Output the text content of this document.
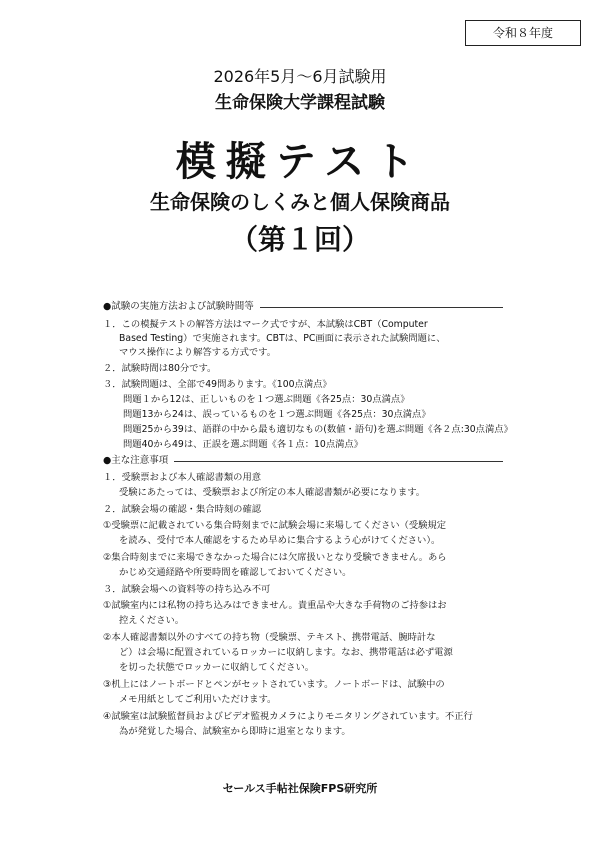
令和８年度
2026年5月～6月試験用
生命保険大学課程試験
模擬テスト
生命保険のしくみと個人保険商品
（第１回）
●試験の実施方法および試験時間等
１．この模擬テストの解答方法はマーク式ですが、本試験はCBT（Computer
Based Testing）で実施されます。CBTは、PC画面に表示された試験問題に、
マウス操作により解答する方式です。
２．試験時間は80分です。
３．試験問題は、全部で49問あります。《100点満点》
問題１から12は、正しいものを１つ選ぶ問題《各25点：30点満点》
問題13から24は、誤っているものを１つ選ぶ問題《各25点：30点満点》
問題25から39は、語群の中から最も適切なもの(数値・語句)を選ぶ問題《各２点:30点満点》
問題40から49は、正誤を選ぶ問題《各１点：10点満点》
●主な注意事項
１．受験票および本人確認書類の用意
受験にあたっては、受験票および所定の本人確認書類が必要になります。
２．試験会場の確認・集合時刻の確認
①受験票に記載されている集合時刻までに試験会場に来場してください（受験規定
を読み、受付で本人確認をするため早めに集合するよう心がけてください）。
②集合時刻までに来場できなかった場合には欠席扱いとなり受験できません。あら
かじめ交通経路や所要時間を確認しておいてください。
３．試験会場への資料等の持ち込み不可
①試験室内には私物の持ち込みはできません。貴重品や大きな手荷物のご持参はお
控えください。
②本人確認書類以外のすべての持ち物（受験票、テキスト、携帯電話、腕時計な
ど）は会場に配置されているロッカーに収納します。なお、携帯電話は必ず電源
を切った状態でロッカーに収納してください。
③机上にはノートボードとペンがセットされています。ノートボードは、試験中の
メモ用紙としてご利用いただけます。
④試験室は試験監督員およびビデオ監視カメラによりモニタリングされています。不正行
為が発覚した場合、試験室から即時に退室となります。
セールス手帖社保険FPS研究所
